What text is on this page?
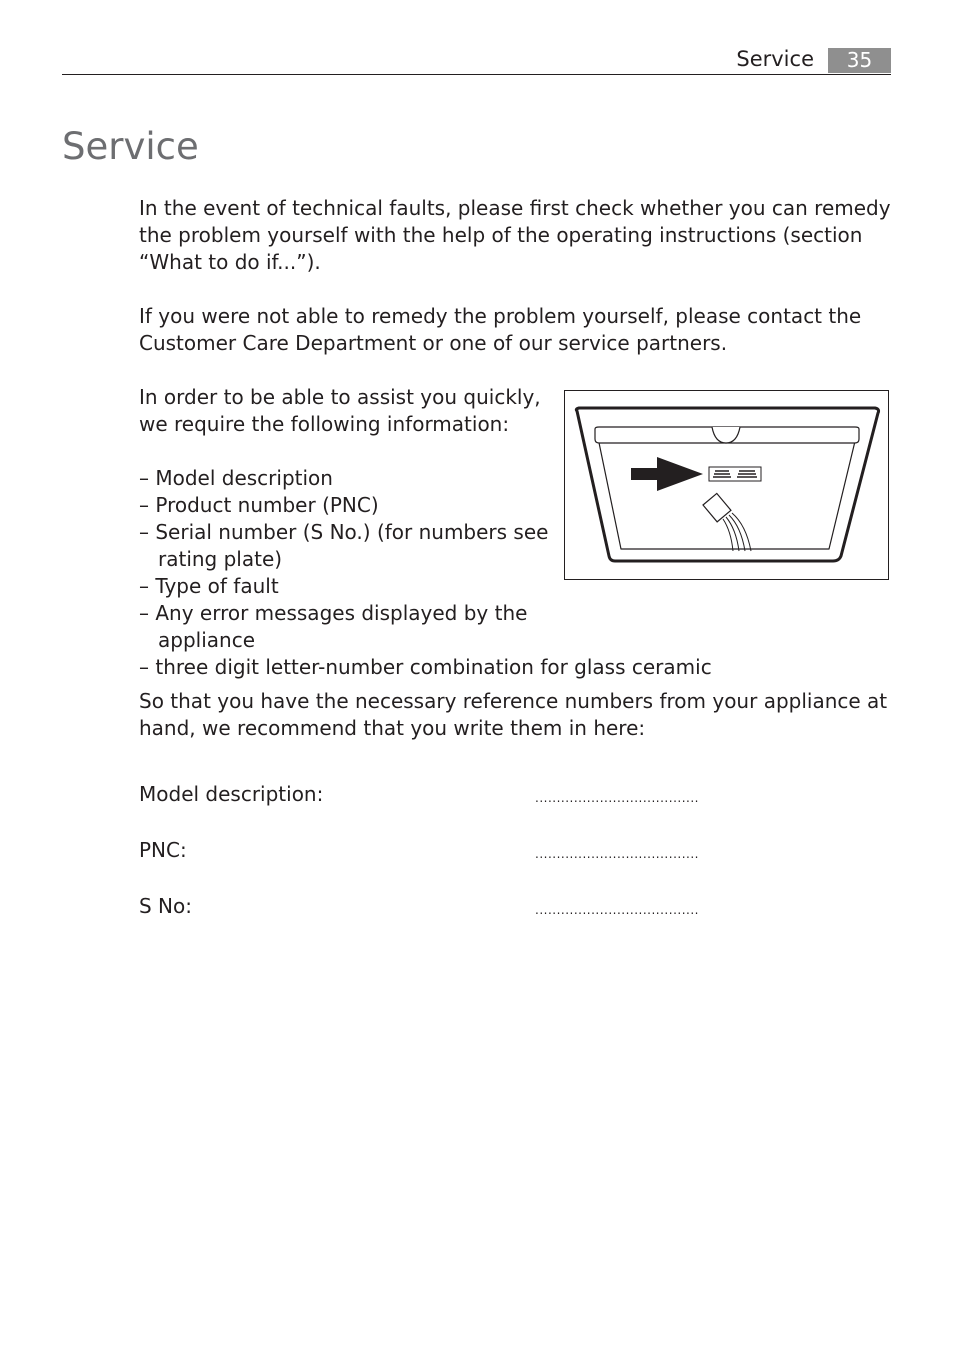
Service	35
Service

In the event of technical faults, please first check whether you can remedy the problem yourself with the help of the operating instructions (section “What to do if...”).

If you were not able to remedy the problem yourself, please contact the Customer Care Department or one of our service partners.

In order to be able to assist you quickly, we require the following information:

– Model description
– Product number (PNC)
– Serial number (S No.) (for numbers see rating plate)
– Type of fault
– Any error messages displayed by the appliance
– three digit letter-number combination for glass ceramic

So that you have the necessary reference numbers from your appliance at hand, we recommend that you write them in here:

Model description:	......................................
PNC:	......................................
S No:	......................................
